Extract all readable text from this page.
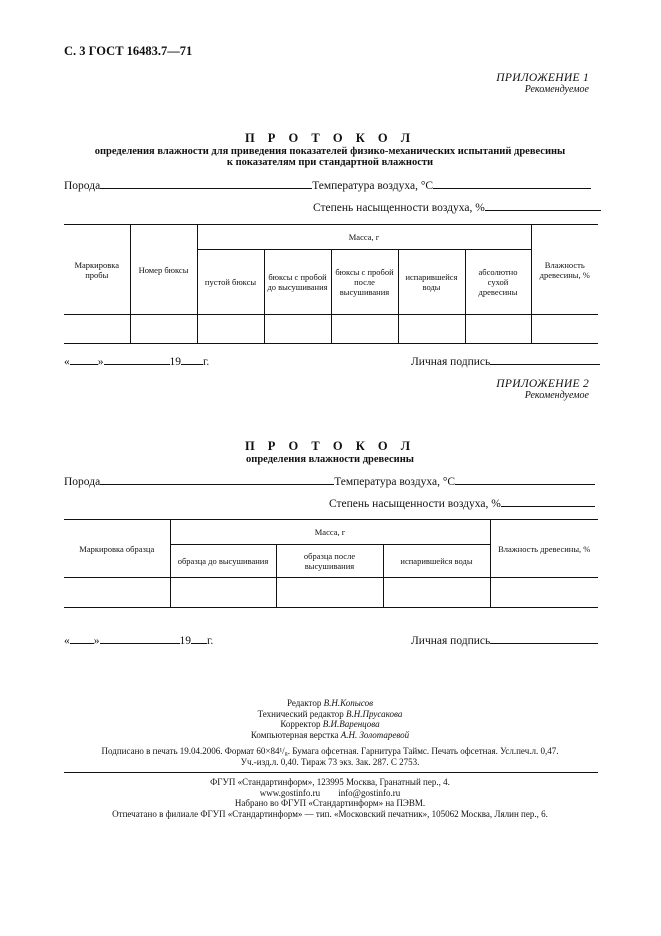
С. 3 ГОСТ 16483.7—71
ПРИЛОЖЕНИЕ 1
Рекомендуемое
П Р О Т О К О Л
определения влажности для приведения показателей физико-механических испытаний древесины
к показателям при стандартной влажности
Порода	Температура воздуха, °С
Степень насыщенности воздуха, %
Маркировка пробы	Номер бюксы	Масса, г					Влажность древесины, %
		пустой бюксы	бюксы с пробой до высушивания	бюксы с пробой после высушивания	испарившейся воды	абсолютно сухой древесины	

« »	19 г.	Личная подпись
ПРИЛОЖЕНИЕ 2
Рекомендуемое
П Р О Т О К О Л
определения влажности древесины
Порода	Температура воздуха, °С
Степень насыщенности воздуха, %
Маркировка образца	Масса, г			Влажность древесины, %
	образца до высушивания	образца после высушивания	испарившейся воды	

« »	19 г.	Личная подпись
Редактор В.Н.Копысов
Технический редактор В.Н.Прусакова
Корректор В.И.Варенцова
Компьютерная верстка А.Н. Золотаревой
Подписано в печать 19.04.2006. Формат 60×84¹/₈. Бумага офсетная. Гарнитура Таймс. Печать офсетная. Усл.печ.л. 0,47.
Уч.-изд.л. 0,40. Тираж 73 экз. Зак. 287. С 2753.
ФГУП «Стандартинформ», 123995 Москва, Гранатный пер., 4.
www.gostinfo.ru info@gostinfo.ru
Набрано во ФГУП «Стандартинформ» на ПЭВМ.
Отпечатано в филиале ФГУП «Стандартинформ» — тип. «Московский печатник», 105062 Москва, Лялин пер., 6.
